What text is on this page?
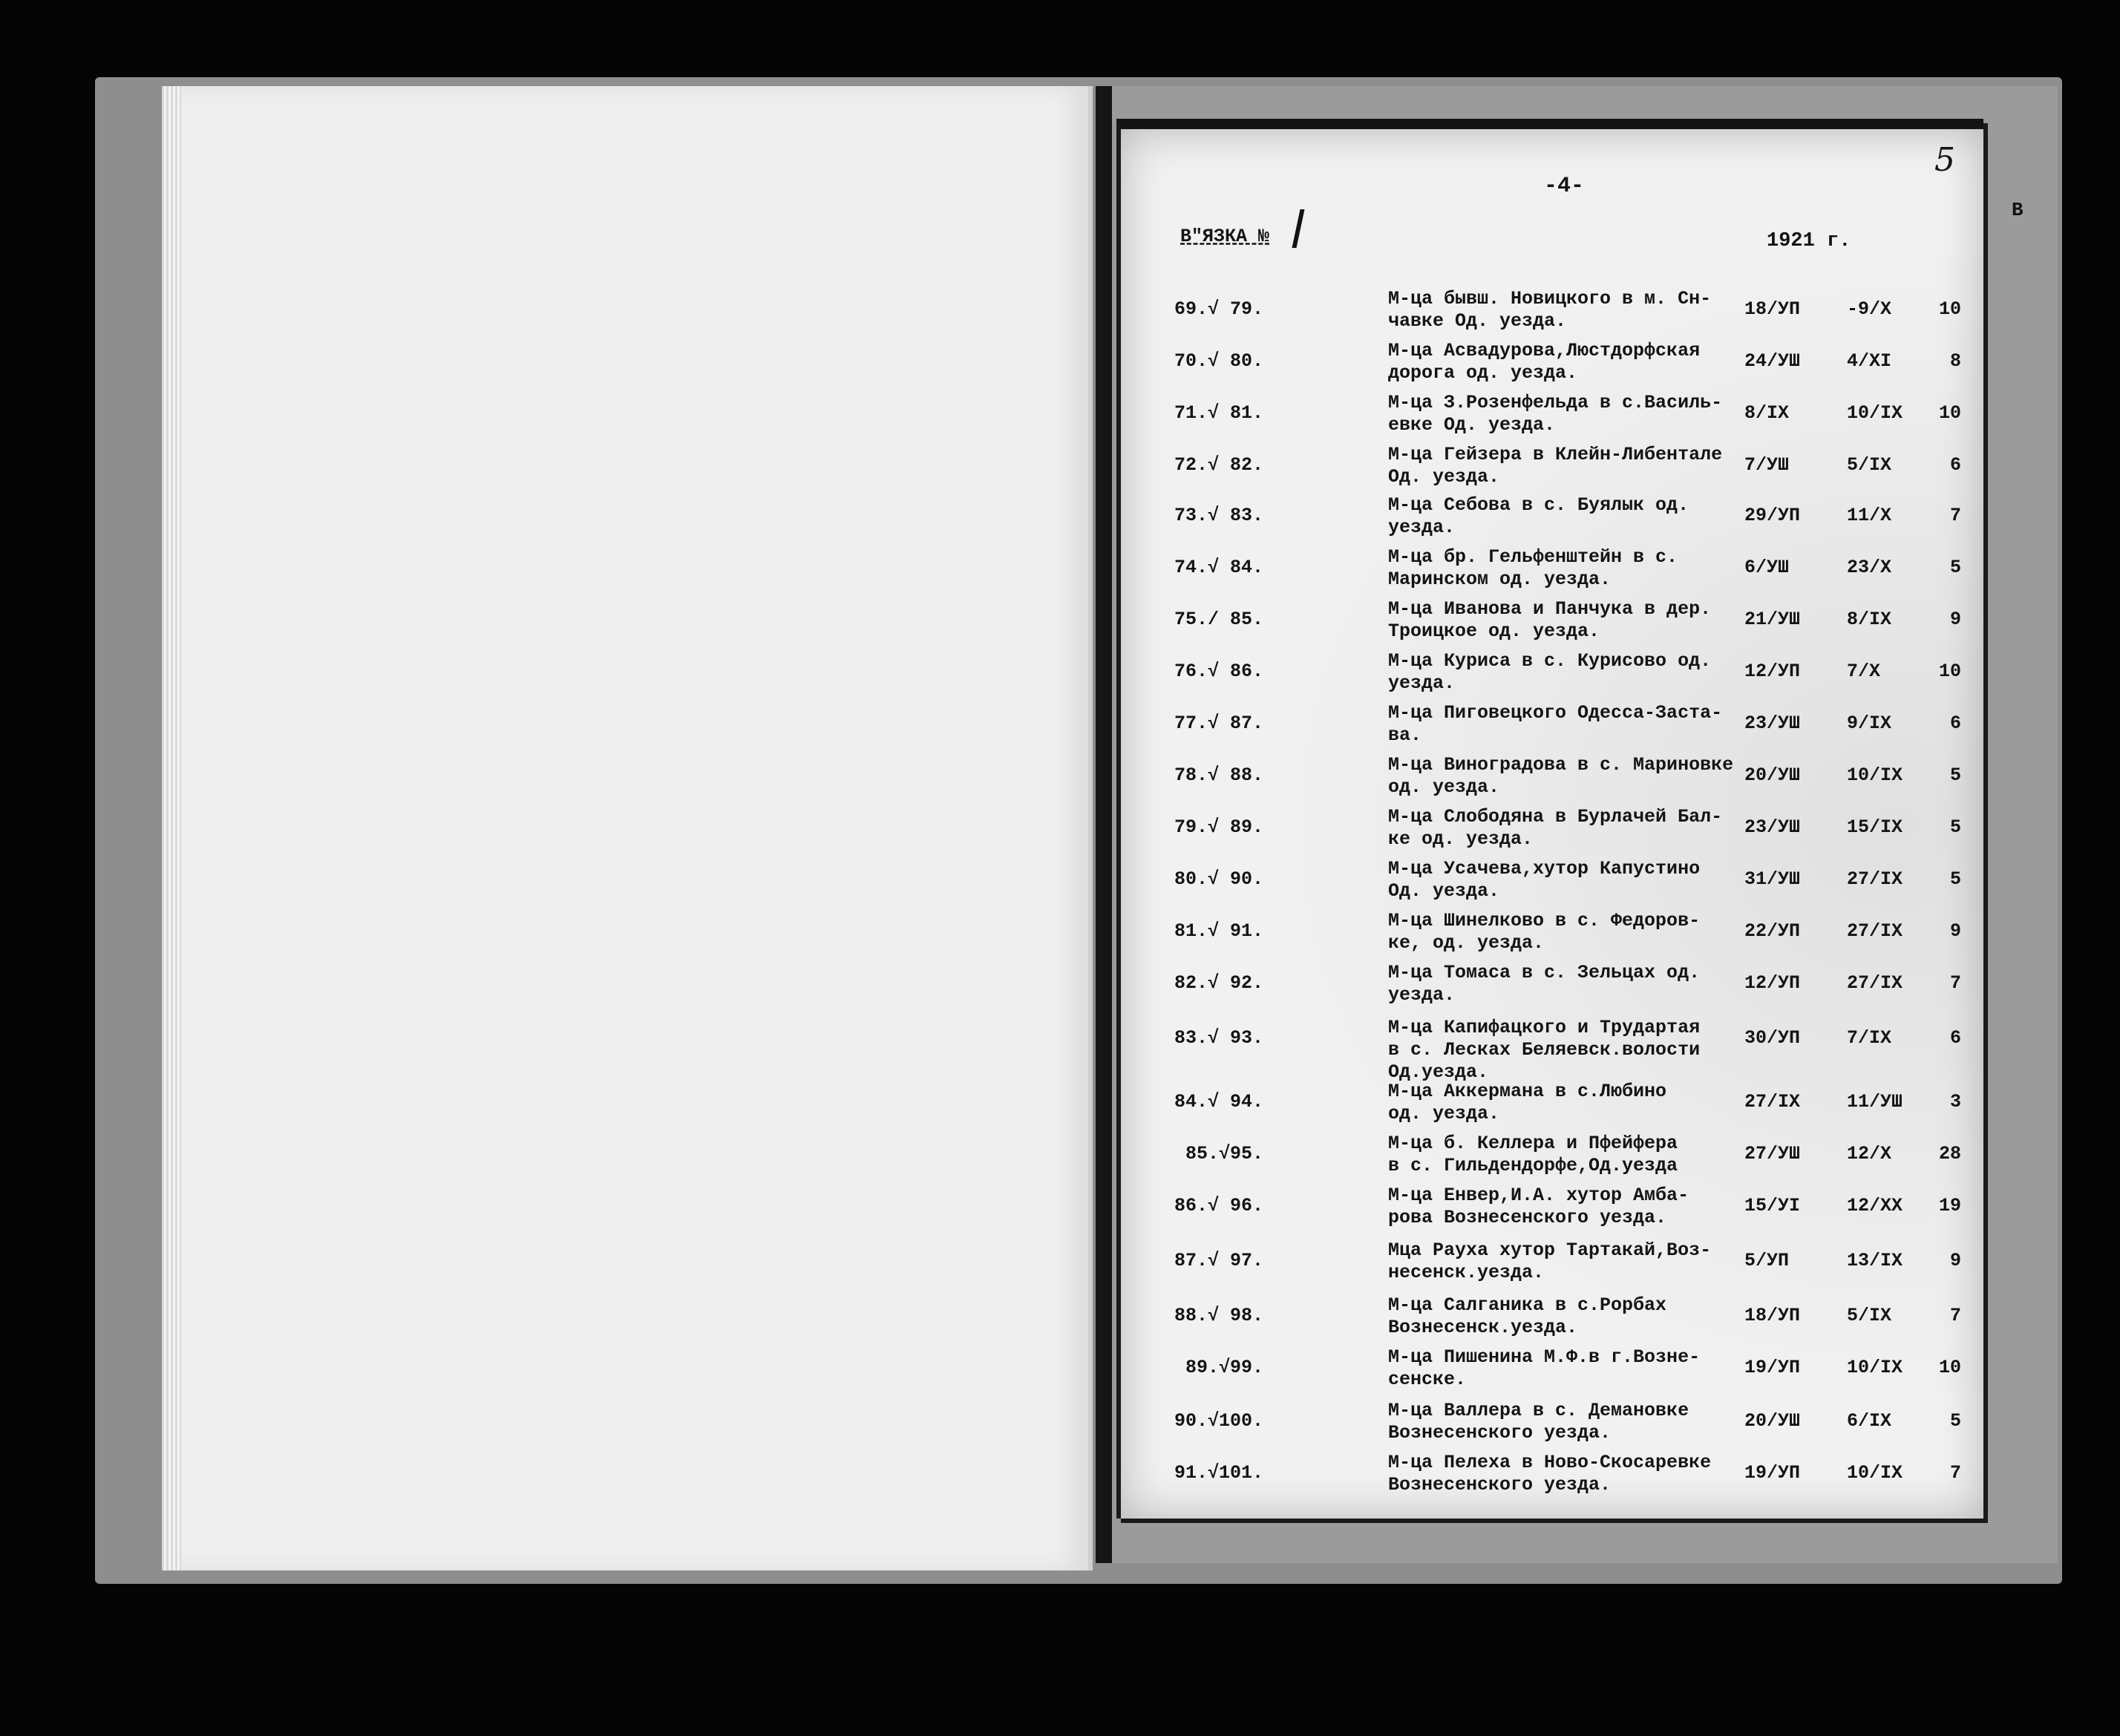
В
-4-
5
В"ЯЗКА №	1921 г.
69.√ 79.	М-ца бывш. Новицкого в м. Сн-
чавке Од. уезда.
18/УП	-9/Х	10
70.√ 80.	М-ца Асвадурова,Люстдорфская
дорога од. уезда.
24/УШ	4/ХI	8
71.√ 81.	М-ца З.Розенфельда в с.Василь-
евке Од. уезда.
8/IХ	10/IХ	10
72.√ 82.	М-ца Гейзера в Клейн-Либентале
Од. уезда.
7/УШ	5/IХ	6
73.√ 83.	М-ца Себова в с. Буялык од.
уезда.
29/УП	11/Х	7
74.√ 84.	М-ца бр. Гельфенштейн в с.
Маринском од. уезда.
6/УШ	23/Х	5
75./ 85.	М-ца Иванова и Панчука в дер.
Троицкое од. уезда.
21/УШ	8/IХ	9
76.√ 86.	М-ца Куриса в с. Курисово од.
уезда.
12/УП	7/Х	10
77.√ 87.	М-ца Пиговецкого Одесса-Застa-
ва.
23/УШ	9/IХ	6
78.√ 88.	М-ца Виноградова в с. Мариновке
од. уезда.
20/УШ	10/IХ	5
79.√ 89.	М-ца Слободяна в Бурлачей Бал-
ке од. уезда.
23/УШ	15/IХ	5
80.√ 90.	М-ца Усачева,хутор Капустино
Од. уезда.
31/УШ	27/IХ	5
81.√ 91.	М-ца Шинелково в с. Федоров-
ке, од. уезда.
22/УП	27/IХ	9
82.√ 92.	М-ца Томаса в с. Зельцах од.
уезда.
12/УП	27/IХ	7
83.√ 93.	М-ца Капифацкого и Трудартая
в с. Лесках Беляевск.волости
Од.уезда.
30/УП	7/IХ	6
84.√ 94.	М-ца Аккермана в с.Любино
од. уезда.
27/IХ	11/УШ	3
85.√95.	М-ца б. Келлера и Пфейфера
в с. Гильдендорфе,Од.уезда
27/УШ	12/Х	28
86.√ 96.	М-ца Енвер,И.А. хутор Амба-
рова Вознесенского уезда.
15/УI	12/ХХ	19
87.√ 97.	Мца Рауха хутор Тартакай,Воз-
несенск.уезда.
5/УП	13/IХ	9
88.√ 98.	М-ца Салганика в с.Рорбах
Вознесенск.уезда.
18/УП	5/IХ	7
89.√99.	М-ца Пишенина М.Ф.в г.Возне-
сенске.
19/УП	10/IХ	10
90.√100.	М-ца Валлера в с. Демановке
Вознесенского уезда.
20/УШ	6/IХ	5
91.√101.	М-ца Пелеха в Ново-Скосаревке
Вознесенского уезда.
19/УП	10/IХ	7
